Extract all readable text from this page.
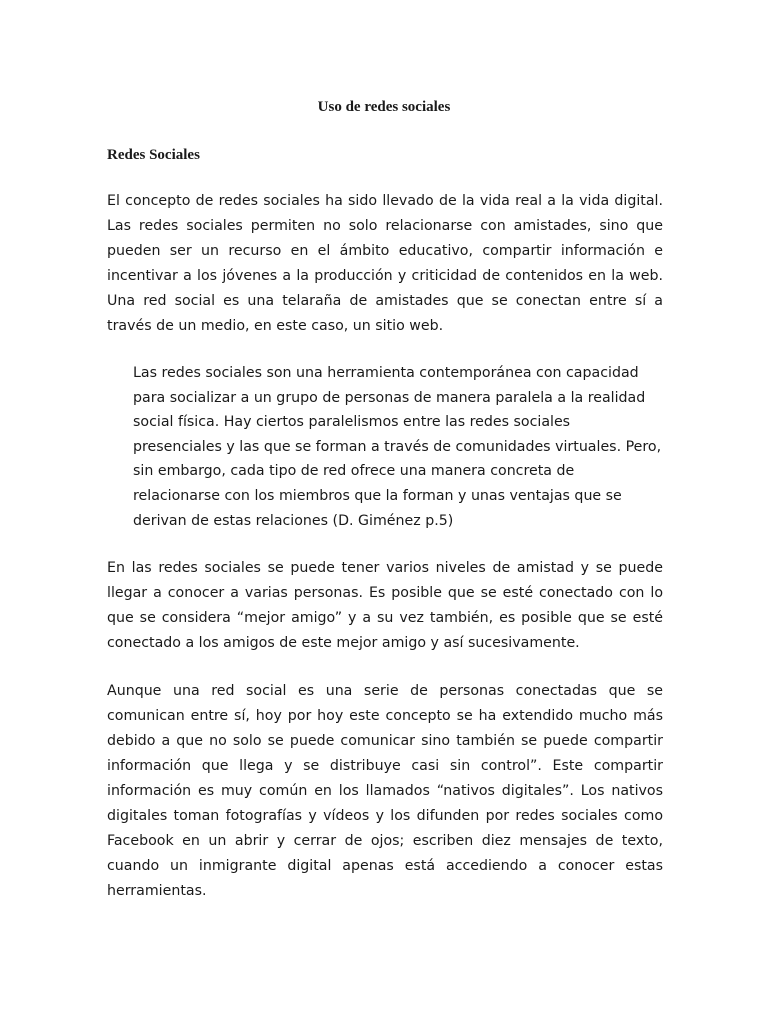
Uso de redes sociales
Redes Sociales

El concepto de redes sociales ha sido llevado de la vida real a la vida digital. Las redes sociales permiten no solo relacionarse con amistades, sino que pueden ser un recurso en el ámbito educativo, compartir información e incentivar a los jóvenes a la producción y criticidad de contenidos en la web. Una red social es una telaraña de amistades que se conectan entre sí a través de un medio, en este caso, un sitio web.

Las redes sociales son una herramienta contemporánea con capacidad para socializar a un grupo de personas de manera paralela a la realidad social física. Hay ciertos paralelismos entre las redes sociales presenciales y las que se forman a través de comunidades virtuales. Pero, sin embargo, cada tipo de red ofrece una manera concreta de relacionarse con los miembros que la forman y unas ventajas que se derivan de estas relaciones (D. Giménez p.5)

En las redes sociales se puede tener varios niveles de amistad y se puede llegar a conocer a varias personas. Es posible que se esté conectado con lo que se considera “mejor amigo” y a su vez también, es posible que se esté conectado a los amigos de este mejor amigo y así sucesivamente.

Aunque una red social es una serie de personas conectadas que se comunican entre sí, hoy por hoy este concepto se ha extendido mucho más debido a que no solo se puede comunicar sino también se puede compartir información que llega y se distribuye casi sin control”. Este compartir información es muy común en los llamados “nativos digitales”. Los nativos digitales toman fotografías y vídeos y los difunden por redes sociales como Facebook en un abrir y cerrar de ojos; escriben diez mensajes de texto, cuando un inmigrante digital apenas está accediendo a conocer estas herramientas.
